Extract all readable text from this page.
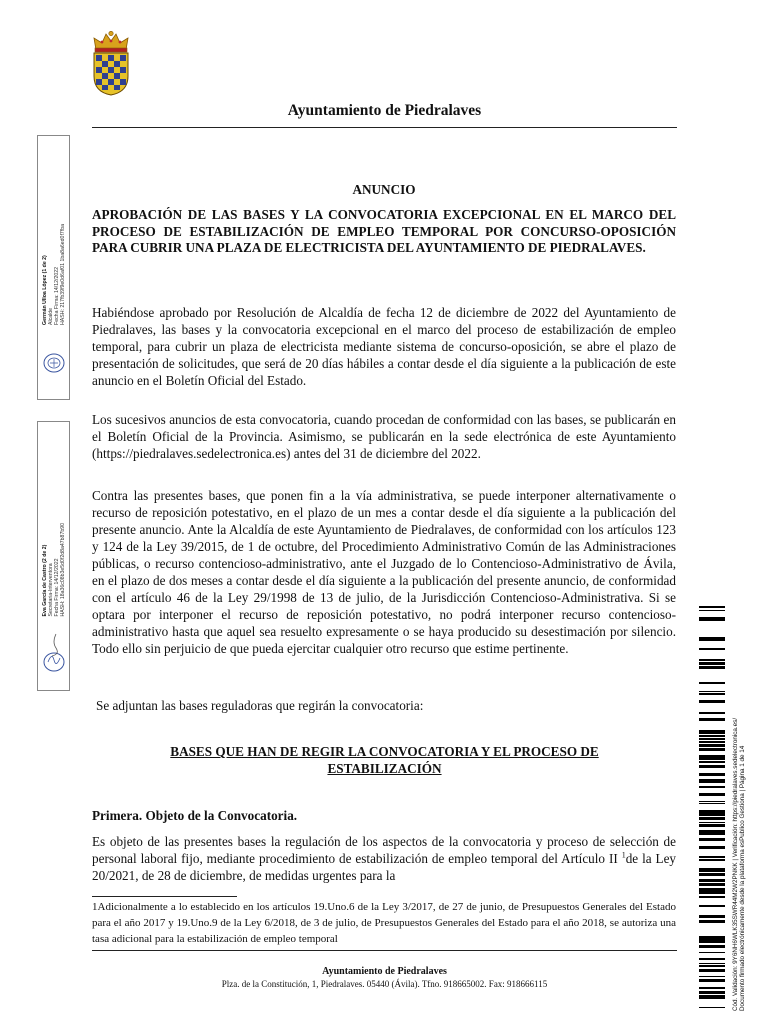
Ayuntamiento de Piedralaves
Germán Ulloa López (1 de 2) Alcalde Fecha Firma: 14/12/2022 HASH: 217fb39f9e0d6af01 1ba8a6ed0f7fba
Eva García de Castro (2 de 2) Secretaria-Interventora Fecha Firma: 14/12/2022 HASH: 18a36c08b3e5d0f2d8a47b87b90
ANUNCIO
APROBACIÓN DE LAS BASES Y LA CONVOCATORIA EXCEPCIONAL EN EL MARCO DEL PROCESO DE ESTABILIZACIÓN DE EMPLEO TEMPORAL POR CONCURSO-OPOSICIÓN PARA CUBRIR UNA PLAZA DE ELECTRICISTA DEL AYUNTAMIENTO DE PIEDRALAVES.
Habiéndose aprobado por Resolución de Alcaldía de fecha 12 de diciembre de 2022 del Ayuntamiento de Piedralaves, las bases y la convocatoria excepcional en el marco del proceso de estabilización de empleo temporal, para cubrir un plaza de electricista mediante sistema de concurso-oposición, se abre el plazo de presentación de solicitudes, que será de 20 días hábiles a contar desde el día siguiente a la publicación de este anuncio en el Boletín Oficial del Estado.
Los sucesivos anuncios de esta convocatoria, cuando procedan de conformidad con las bases, se publicarán en el Boletín Oficial de la Provincia. Asimismo, se publicarán en la sede electrónica de este Ayuntamiento (https://piedralaves.sedelectronica.es) antes del 31 de diciembre del 2022.
Contra las presentes bases, que ponen fin a la vía administrativa, se puede interponer alternativamente o recurso de reposición potestativo, en el plazo de un mes a contar desde el día siguiente a la publicación del presente anuncio. Ante la Alcaldía de este Ayuntamiento de Piedralaves, de conformidad con los artículos 123 y 124 de la Ley 39/2015, de 1 de octubre, del Procedimiento Administrativo Común de las Administraciones públicas, o recurso contencioso-administrativo, ante el Juzgado de lo Contencioso-Administrativo de Ávila, en el plazo de dos meses a contar desde el día siguiente a la publicación del presente anuncio, de conformidad con el artículo 46 de la Ley 29/1998 de 13 de julio, de la Jurisdicción Contencioso-Administrativa. Si se optara por interponer el recurso de reposición potestativo, no podrá interponer recurso contencioso-administrativo hasta que aquel sea resuelto expresamente o se haya producido su desestimación por silencio. Todo ello sin perjuicio de que pueda ejercitar cualquier otro recurso que estime pertinente.
Se adjuntan las bases reguladoras que regirán la convocatoria:
BASES QUE HAN DE REGIR LA CONVOCATORIA Y EL PROCESO DE ESTABILIZACIÓN
Primera. Objeto de la Convocatoria.
Es objeto de las presentes bases la regulación de los aspectos de la convocatoria y proceso de selección de personal laboral fijo, mediante procedimiento de estabilización de empleo temporal del Artículo II $^1$de la Ley 20/2021, de 28 de diciembre, de medidas urgentes para la
1Adicionalmente a lo establecido en los artículos 19.Uno.6 de la Ley 3/2017, de 27 de junio, de Presupuestos Generales del Estado para el año 2017 y 19.Uno.9 de la Ley 6/2018, de 3 de julio, de Presupuestos Generales del Estado para el año 2018, se autoriza una tasa adicional para la estabilización de empleo temporal
Ayuntamiento de Piedralaves
Plza. de la Constitución, 1, Piedralaves. 05440 (Ávila). Tfno. 918665002. Fax: 918666115	Cód. Validación: 9Y6NH6WLK35SWR44M2W2PNKK | Verificación: https://piedralaves.sedelectronica.es/ Documento firmado electrónicamente desde la plataforma esPublico Gestiona | Página 1 de 14
